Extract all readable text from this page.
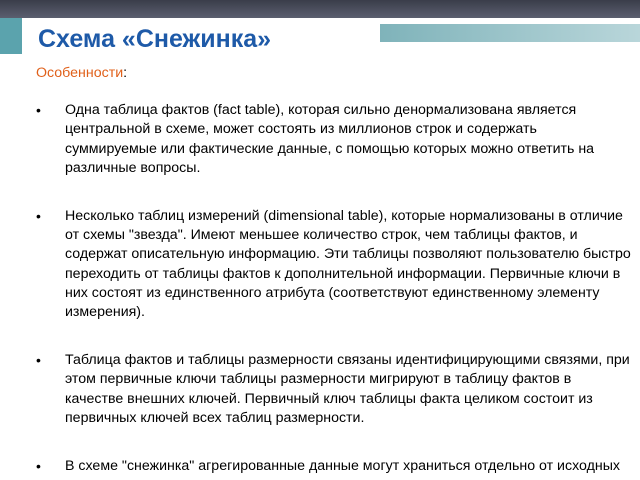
Схема «Снежинка»

Особенности:

• Одна таблица фактов (fact table), которая сильно денормализована является центральной в схеме, может состоять из миллионов строк и содержать суммируемые или фактические данные, с помощью которых можно ответить на различные вопросы.
• Несколько таблиц измерений (dimensional table), которые нормализованы в отличие от схемы "звезда". Имеют меньшее количество строк, чем таблицы фактов, и содержат описательную информацию. Эти таблицы позволяют пользователю быстро переходить от таблицы фактов к дополнительной информации. Первичные ключи в них состоят из единственного атрибута (соответствуют единственному элементу измерения).
• Таблица фактов и таблицы размерности связаны идентифицирующими связями, при этом первичные ключи таблицы размерности мигрируют в таблицу фактов в качестве внешних ключей. Первичный ключ таблицы факта целиком состоит из первичных ключей всех таблиц размерности.
• В схеме "снежинка" агрегированные данные могут храниться отдельно от исходных
